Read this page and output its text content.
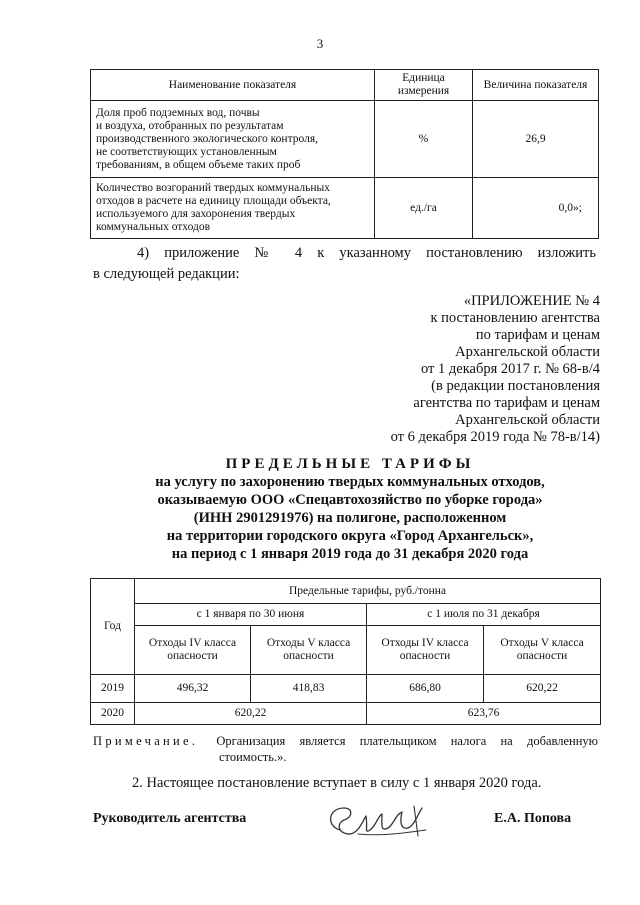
3
Наименование показателя	Единица измерения	Величина показателя

Доля проб подземных вод, почвы
и воздуха, отобранных по результатам
производственного экологического контроля,
не соответствующих установленным
требованиям, в общем объеме таких проб	%	26,9

Количество возгораний твердых коммунальных
отходов в расчете на единицу площади объекта,
используемого для захоронения твердых
коммунальных отходов	ед./га	0,0»;
4) приложение № 4 к указанному постановлению изложить
в следующей редакции:
«ПРИЛОЖЕНИЕ № 4
к постановлению агентства
по тарифам и ценам
Архангельской области
от 1 декабря 2017 г. № 68-в/4
(в редакции постановления
агентства по тарифам и ценам
Архангельской области
от 6 декабря 2019 года № 78-в/14)
ПРЕДЕЛЬНЫЕ ТАРИФЫ
на услугу по захоронению твердых коммунальных отходов,
оказываемую ООО «Спецавтохозяйство по уборке города»
(ИНН 2901291976) на полигоне, расположенном
на территории городского округа «Город Архангельск»,
на период с 1 января 2019 года до 31 декабря 2020 года
Год	Предельные тарифы, руб./тонна			
	с 1 января по 30 июня		с 1 июля по 31 декабря	
	Отходы IV класса опасности	Отходы V класса опасности	Отходы IV класса опасности	Отходы V класса опасности
2019	496,32	418,83	686,80	620,22
2020	620,22		623,76	
Примечание. Организация является плательщиком налога на добавленную
стоимость.».
2. Настоящее постановление вступает в силу с 1 января 2020 года.
Руководитель агентства	Е.А. Попова
